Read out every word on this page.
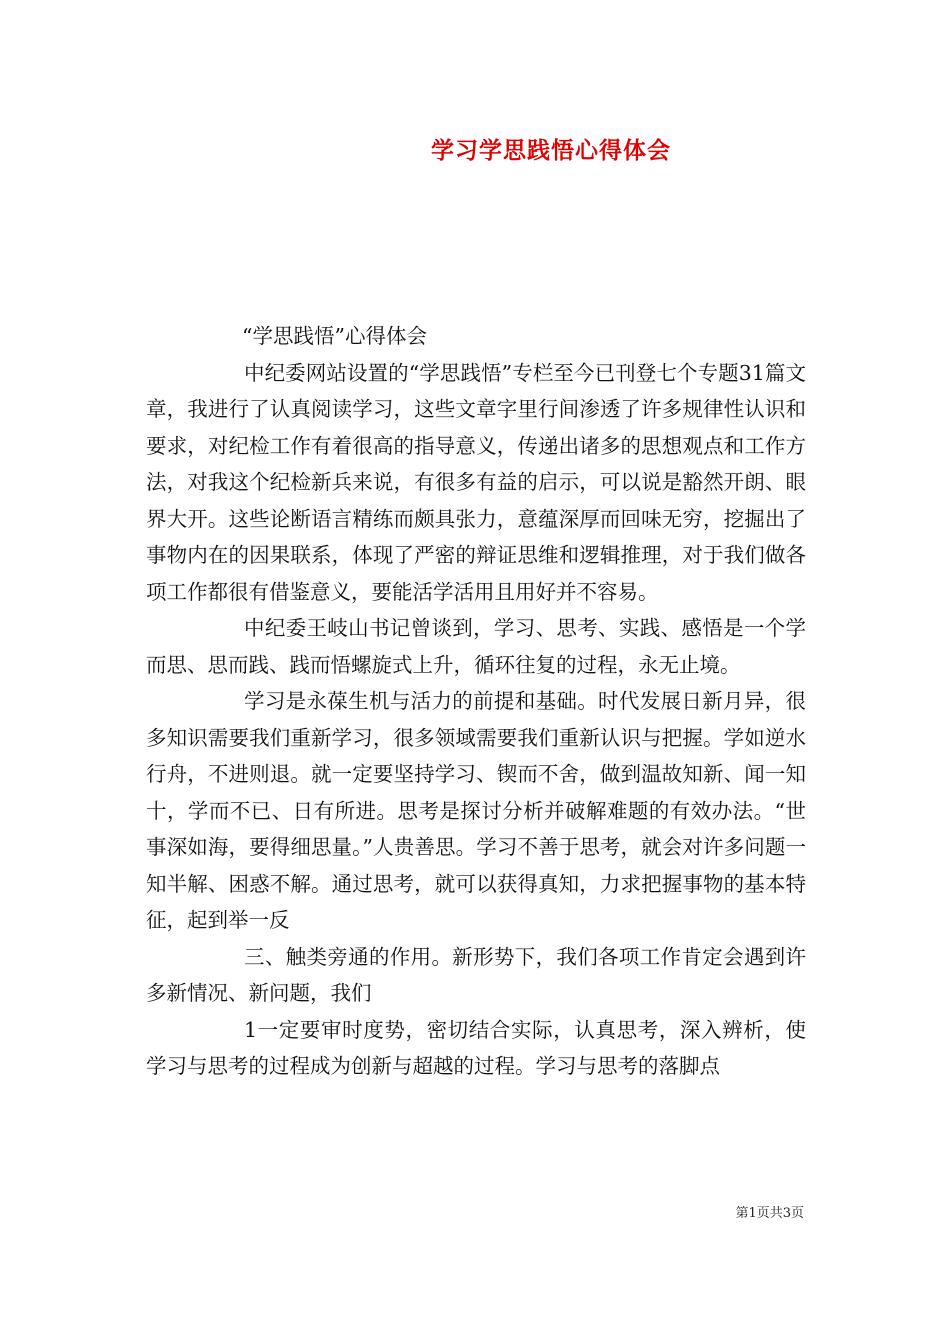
学习学思践悟心得体会

“学思践悟”心得体会

中纪委网站设置的“学思践悟”专栏至今已刊登七个专题31篇文章，我进行了认真阅读学习，这些文章字里行间渗透了许多规律性认识和要求，对纪检工作有着很高的指导意义，传递出诸多的思想观点和工作方法，对我这个纪检新兵来说，有很多有益的启示，可以说是豁然开朗、眼界大开。这些论断语言精练而颇具张力，意蕴深厚而回味无穷，挖掘出了事物内在的因果联系，体现了严密的辩证思维和逻辑推理，对于我们做各项工作都很有借鉴意义，要能活学活用且用好并不容易。

中纪委王岐山书记曾谈到，学习、思考、实践、感悟是一个学而思、思而践、践而悟螺旋式上升，循环往复的过程，永无止境。

学习是永葆生机与活力的前提和基础。时代发展日新月异，很多知识需要我们重新学习，很多领域需要我们重新认识与把握。学如逆水行舟，不进则退。就一定要坚持学习、锲而不舍，做到温故知新、闻一知十，学而不已、日有所进。思考是探讨分析并破解难题的有效办法。“世事深如海，要得细思量。”人贵善思。学习不善于思考，就会对许多问题一知半解、困惑不解。通过思考，就可以获得真知，力求把握事物的基本特征，起到举一反

三、触类旁通的作用。新形势下，我们各项工作肯定会遇到许多新情况、新问题，我们

1一定要审时度势，密切结合实际，认真思考，深入辨析，使学习与思考的过程成为创新与超越的过程。学习与思考的落脚点

第1页共3页
